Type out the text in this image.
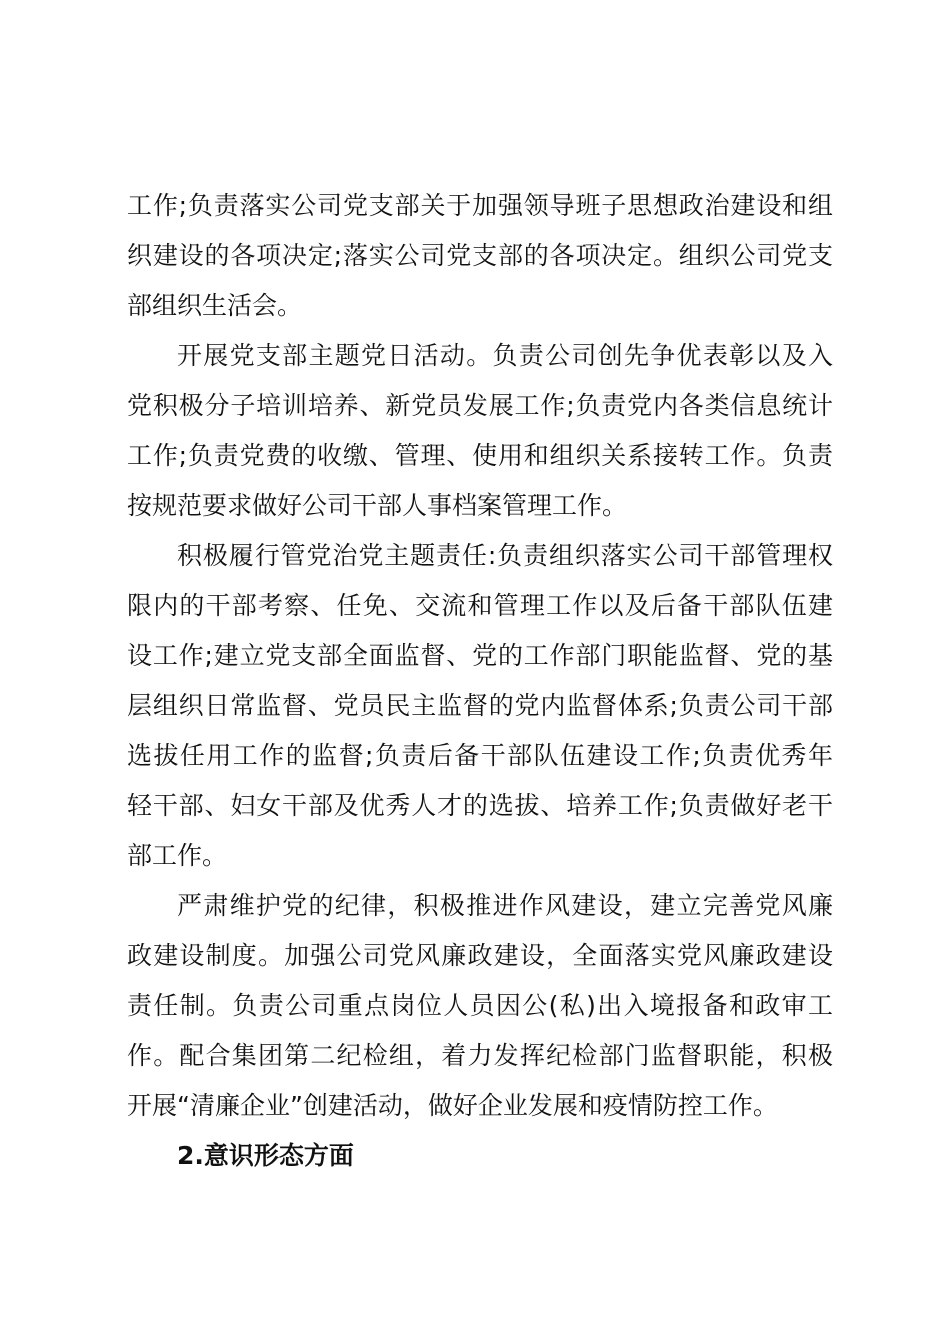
工作;负责落实公司党支部关于加强领导班子思想政治建设和组
织建设的各项决定;落实公司党支部的各项决定。组织公司党支
部组织生活会。
开展党支部主题党日活动。负责公司创先争优表彰以及入
党积极分子培训培养、新党员发展工作;负责党内各类信息统计
工作;负责党费的收缴、管理、使用和组织关系接转工作。负责
按规范要求做好公司干部人事档案管理工作。
积极履行管党治党主题责任:负责组织落实公司干部管理权
限内的干部考察、任免、交流和管理工作以及后备干部队伍建
设工作;建立党支部全面监督、党的工作部门职能监督、党的基
层组织日常监督、党员民主监督的党内监督体系;负责公司干部
选拔任用工作的监督;负责后备干部队伍建设工作;负责优秀年
轻干部、妇女干部及优秀人才的选拔、培养工作;负责做好老干
部工作。
严肃维护党的纪律，积极推进作风建设，建立完善党风廉
政建设制度。加强公司党风廉政建设，全面落实党风廉政建设
责任制。负责公司重点岗位人员因公(私)出入境报备和政审工
作。配合集团第二纪检组，着力发挥纪检部门监督职能，积极
开展“清廉企业”创建活动，做好企业发展和疫情防控工作。
2.意识形态方面
